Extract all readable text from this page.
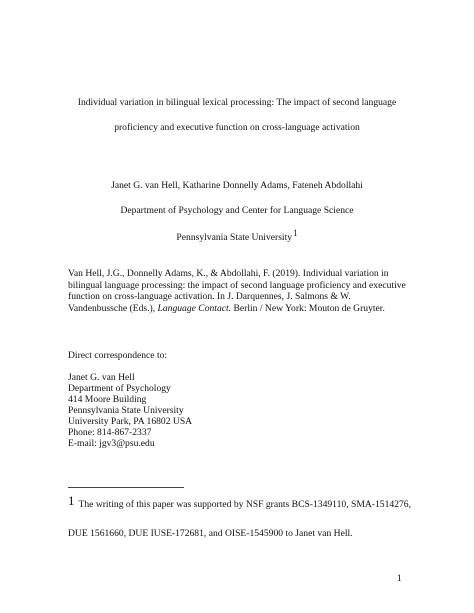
Individual variation in bilingual lexical processing: The impact of second language
proficiency and executive function on cross-language activation
Janet G. van Hell, Katharine Donnelly Adams, Fateneh Abdollahi
Department of Psychology and Center for Language Science
Pennsylvania State University1
Van Hell, J.G., Donnelly Adams, K., & Abdollahi, F. (2019). Individual variation in
bilingual language processing: the impact of second language proficiency and executive
function on cross-language activation. In J. Darquennes, J. Salmons & W.
Vandenbussche (Eds.), Language Contact. Berlin / New York: Mouton de Gruyter.
Direct correspondence to:
Janet G. van Hell
Department of Psychology
414 Moore Building
Pennsylvania State University
University Park, PA 16802 USA
Phone: 814-867-2337
E-mail: jgv3@psu.edu
1 The writing of this paper was supported by NSF grants BCS-1349110, SMA-1514276,
DUE 1561660, DUE IUSE-172681, and OISE-1545900 to Janet van Hell.
1
